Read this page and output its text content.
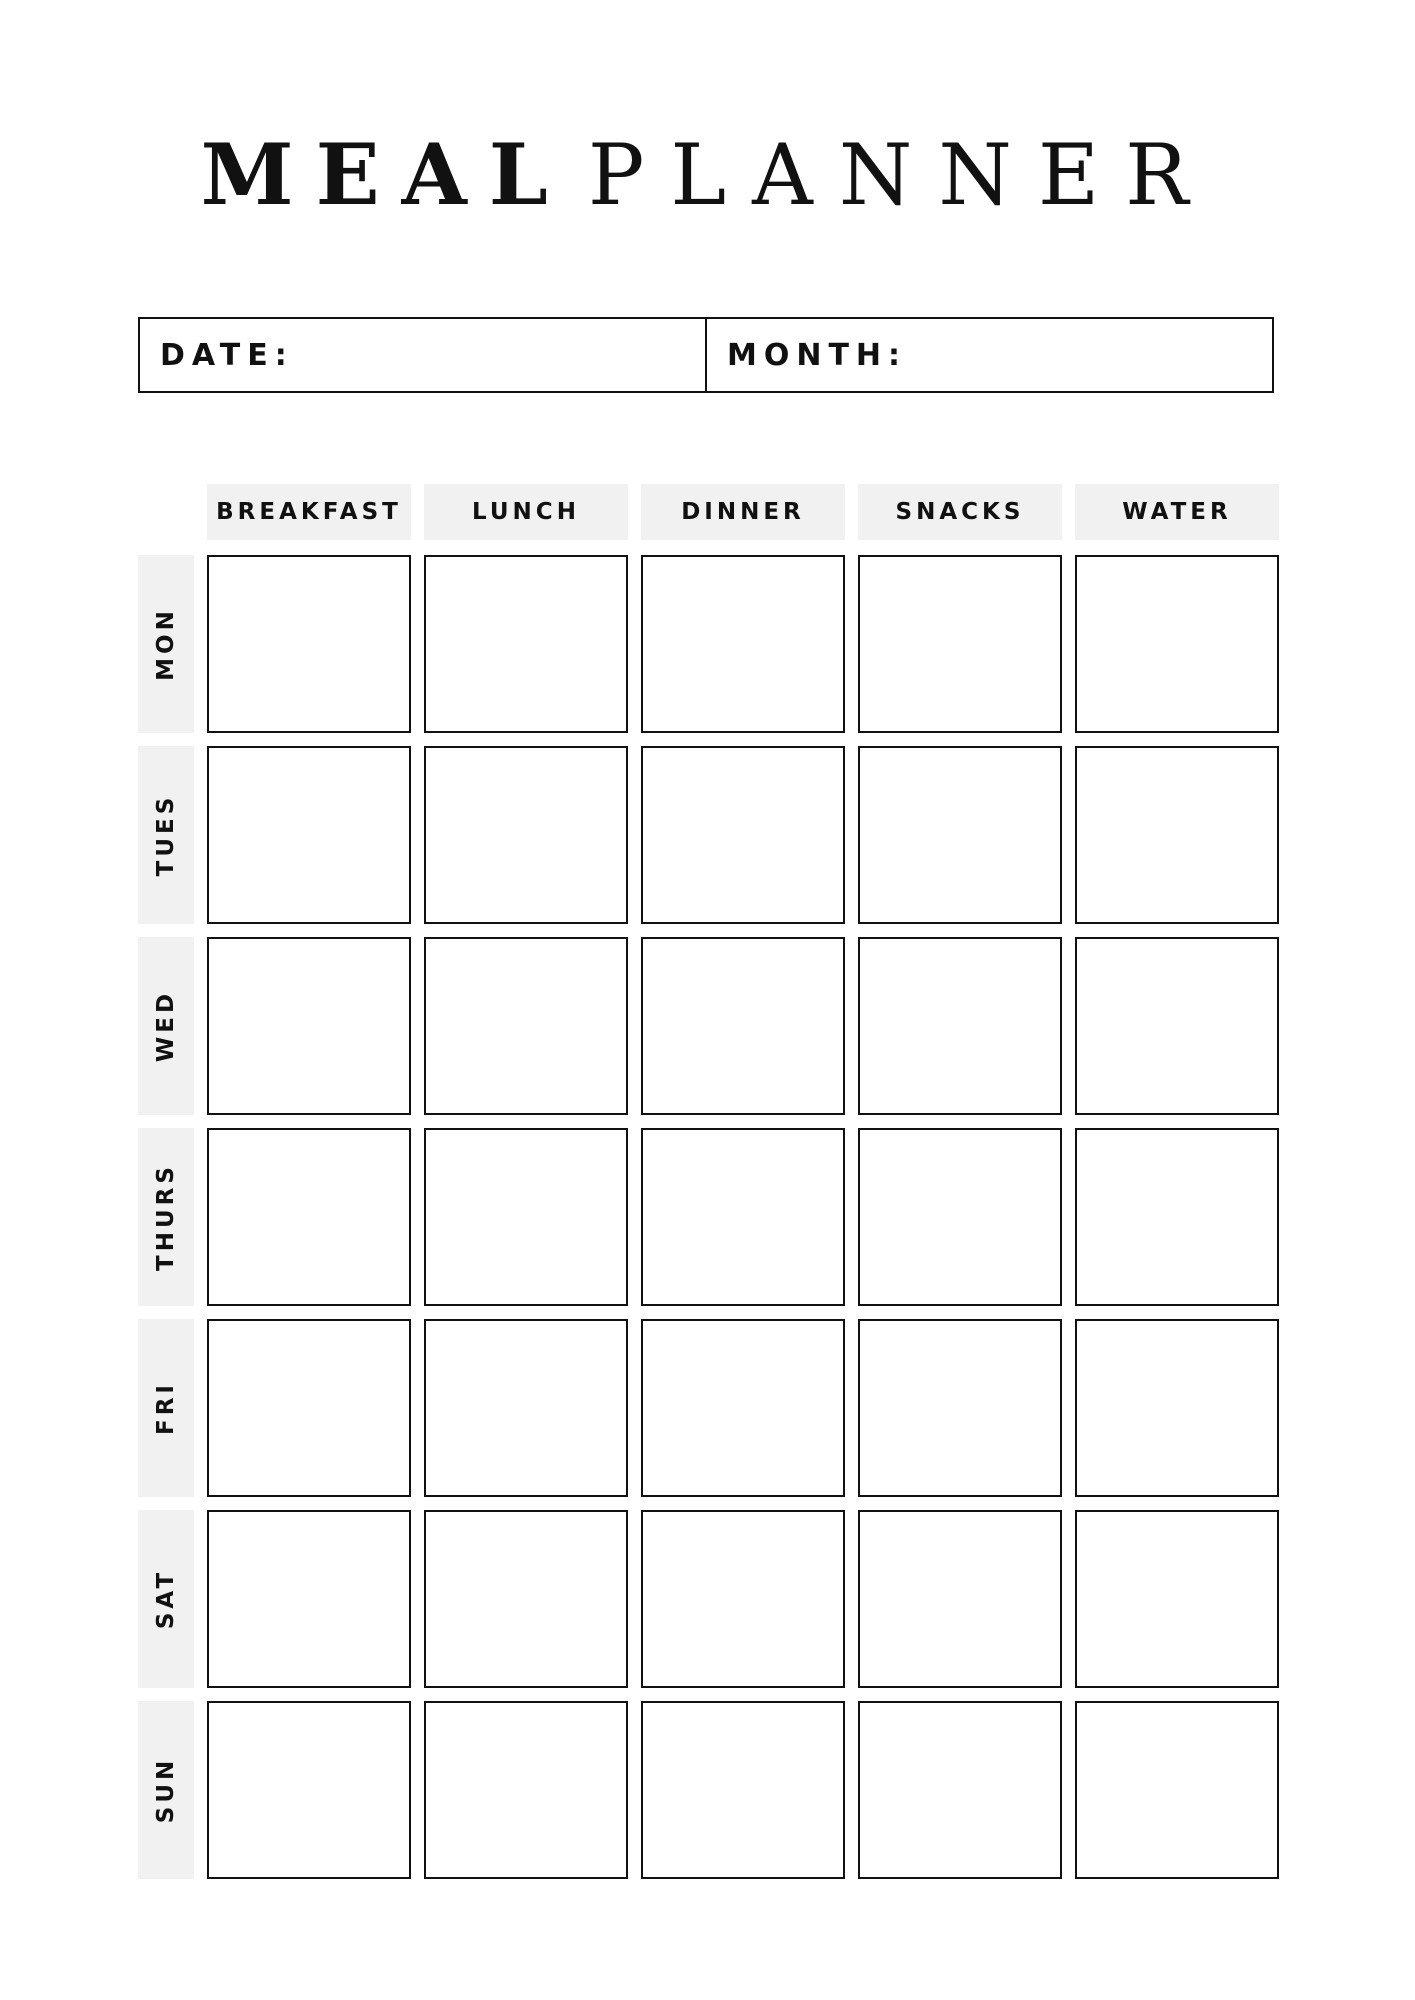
MEAL PLANNER
DATE:	MONTH:
BREAKFAST	LUNCH	DINNER	SNACKS	WATER
MON
TUES
WED
THURS
FRI
SAT
SUN
